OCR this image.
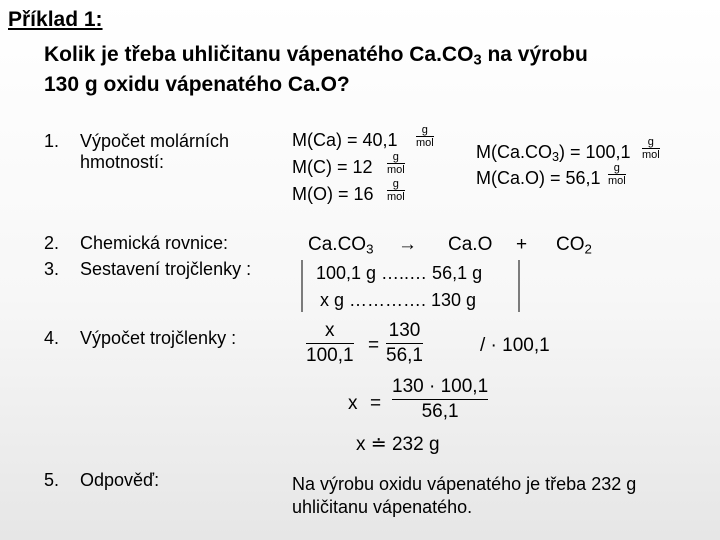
Příklad 1:
Kolik je třeba uhličitanu vápenatého $Ca.CO_3$ na výrobu
130 g oxidu vápenatého Ca.O?
1. Výpočet molárních
hmotností:
2. Chemická rovnice:
3. Sestavení trojčlenky :
4. Výpočet trojčlenky :
5. Odpověď:
M(Ca) = 40,1 g
mol
M(C) = 12 g
mol
M(O) = 16 g
mol
$M(Ca.CO_3) = 100,1$ g
mol
M(Ca.O) = 56,1 g
mol
$Ca.CO_3 \to Ca.O + CO_2$
100,1 g …..… 56,1 g
x g …………. 130 g
x
100,1 =
130
56,1	/ · 100,1
x =
130 · 100,1
56,1
x ≐ 232 g
Na výrobu oxidu vápenatého je třeba 232 g
uhličitanu vápenatého.
